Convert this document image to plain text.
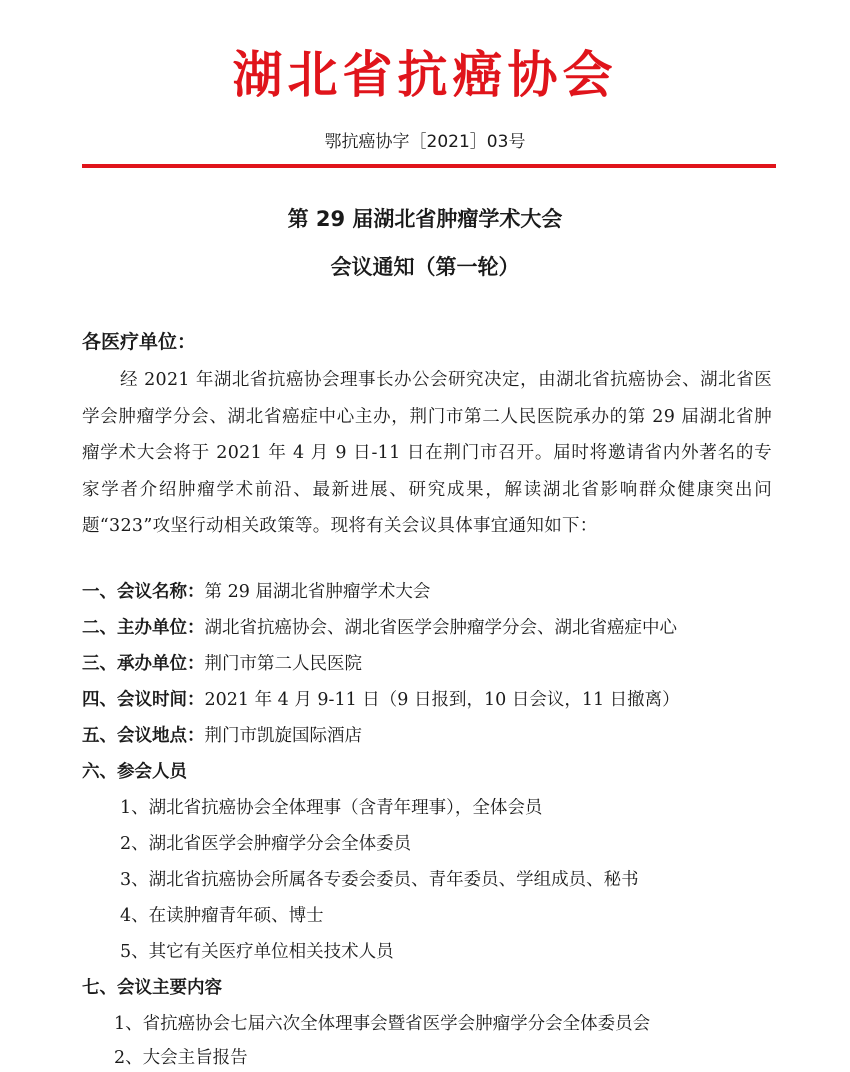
湖北省抗癌协会
鄂抗癌协字［2021］03号
第 29 届湖北省肿瘤学术大会
会议通知（第一轮）
各医疗单位：
经 2021 年湖北省抗癌协会理事长办公会研究决定，由湖北省抗癌协会、湖北省医学会肿瘤学分会、湖北省癌症中心主办，荆门市第二人民医院承办的第 29 届湖北省肿瘤学术大会将于 2021 年 4 月 9 日-11 日在荆门市召开。届时将邀请省内外著名的专家学者介绍肿瘤学术前沿、最新进展、研究成果，解读湖北省影响群众健康突出问题“323”攻坚行动相关政策等。现将有关会议具体事宜通知如下：
一、会议名称：第 29 届湖北省肿瘤学术大会
二、主办单位：湖北省抗癌协会、湖北省医学会肿瘤学分会、湖北省癌症中心
三、承办单位：荆门市第二人民医院
四、会议时间：2021 年 4 月 9-11 日（9 日报到，10 日会议，11 日撤离）
五、会议地点：荆门市凯旋国际酒店
六、参会人员
1、湖北省抗癌协会全体理事（含青年理事），全体会员
2、湖北省医学会肿瘤学分会全体委员
3、湖北省抗癌协会所属各专委会委员、青年委员、学组成员、秘书
4、在读肿瘤青年硕、博士
5、其它有关医疗单位相关技术人员
七、会议主要内容
1、省抗癌协会七届六次全体理事会暨省医学会肿瘤学分会全体委员会
2、大会主旨报告
